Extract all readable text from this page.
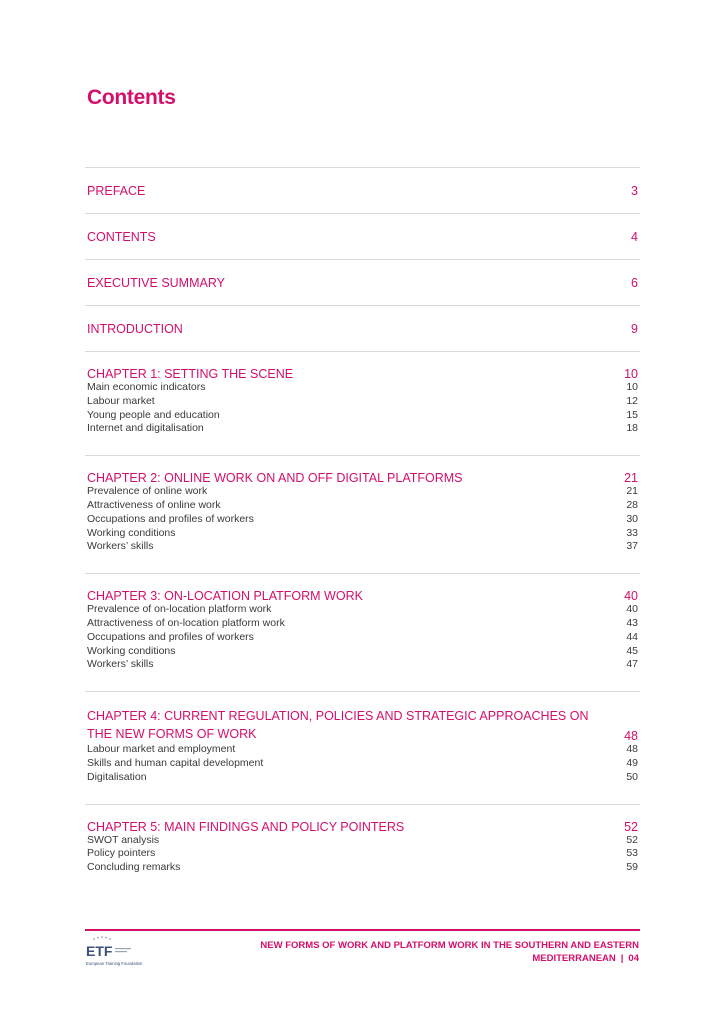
Contents
PREFACE	3
CONTENTS	4
EXECUTIVE SUMMARY	6
INTRODUCTION	9
CHAPTER 1: SETTING THE SCENE	10
Main economic indicators	10
Labour market	12
Young people and education	15
Internet and digitalisation	18
CHAPTER 2: ONLINE WORK ON AND OFF DIGITAL PLATFORMS	21
Prevalence of online work	21
Attractiveness of online work	28
Occupations and profiles of workers	30
Working conditions	33
Workers’ skills	37
CHAPTER 3: ON-LOCATION PLATFORM WORK	40
Prevalence of on-location platform work	40
Attractiveness of on-location platform work	43
Occupations and profiles of workers	44
Working conditions	45
Workers’ skills	47
CHAPTER 4: CURRENT REGULATION, POLICIES AND STRATEGIC APPROACHES ON THE NEW FORMS OF WORK	48
Labour market and employment	48
Skills and human capital development	49
Digitalisation	50
CHAPTER 5: MAIN FINDINGS AND POLICY POINTERS	52
SWOT analysis	52
Policy pointers	53
Concluding remarks	59
ETF
European Training Foundation
NEW FORMS OF WORK AND PLATFORM WORK IN THE SOUTHERN AND EASTERN
MEDITERRANEAN | 04
